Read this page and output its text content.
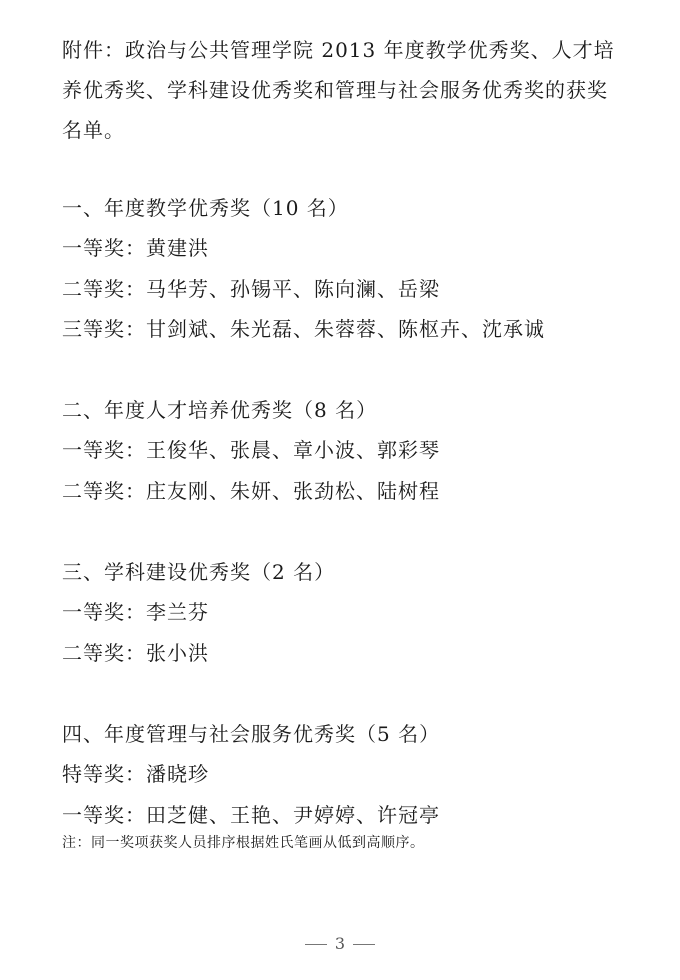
附件：政治与公共管理学院 2013 年度教学优秀奖、人才培养优秀奖、学科建设优秀奖和管理与社会服务优秀奖的获奖名单。

一、年度教学优秀奖（10 名）
一等奖：黄建洪
二等奖：马华芳、孙锡平、陈向澜、岳梁
三等奖：甘剑斌、朱光磊、朱蓉蓉、陈枢卉、沈承诚
二、年度人才培养优秀奖（8 名）
一等奖：王俊华、张晨、章小波、郭彩琴
二等奖：庄友刚、朱妍、张劲松、陆树程
三、学科建设优秀奖（2 名）
一等奖：李兰芬
二等奖：张小洪
四、年度管理与社会服务优秀奖（5 名）
特等奖：潘晓珍
一等奖：田芝健、王艳、尹婷婷、许冠亭
注：同一奖项获奖人员排序根据姓氏笔画从低到高顺序。
3
